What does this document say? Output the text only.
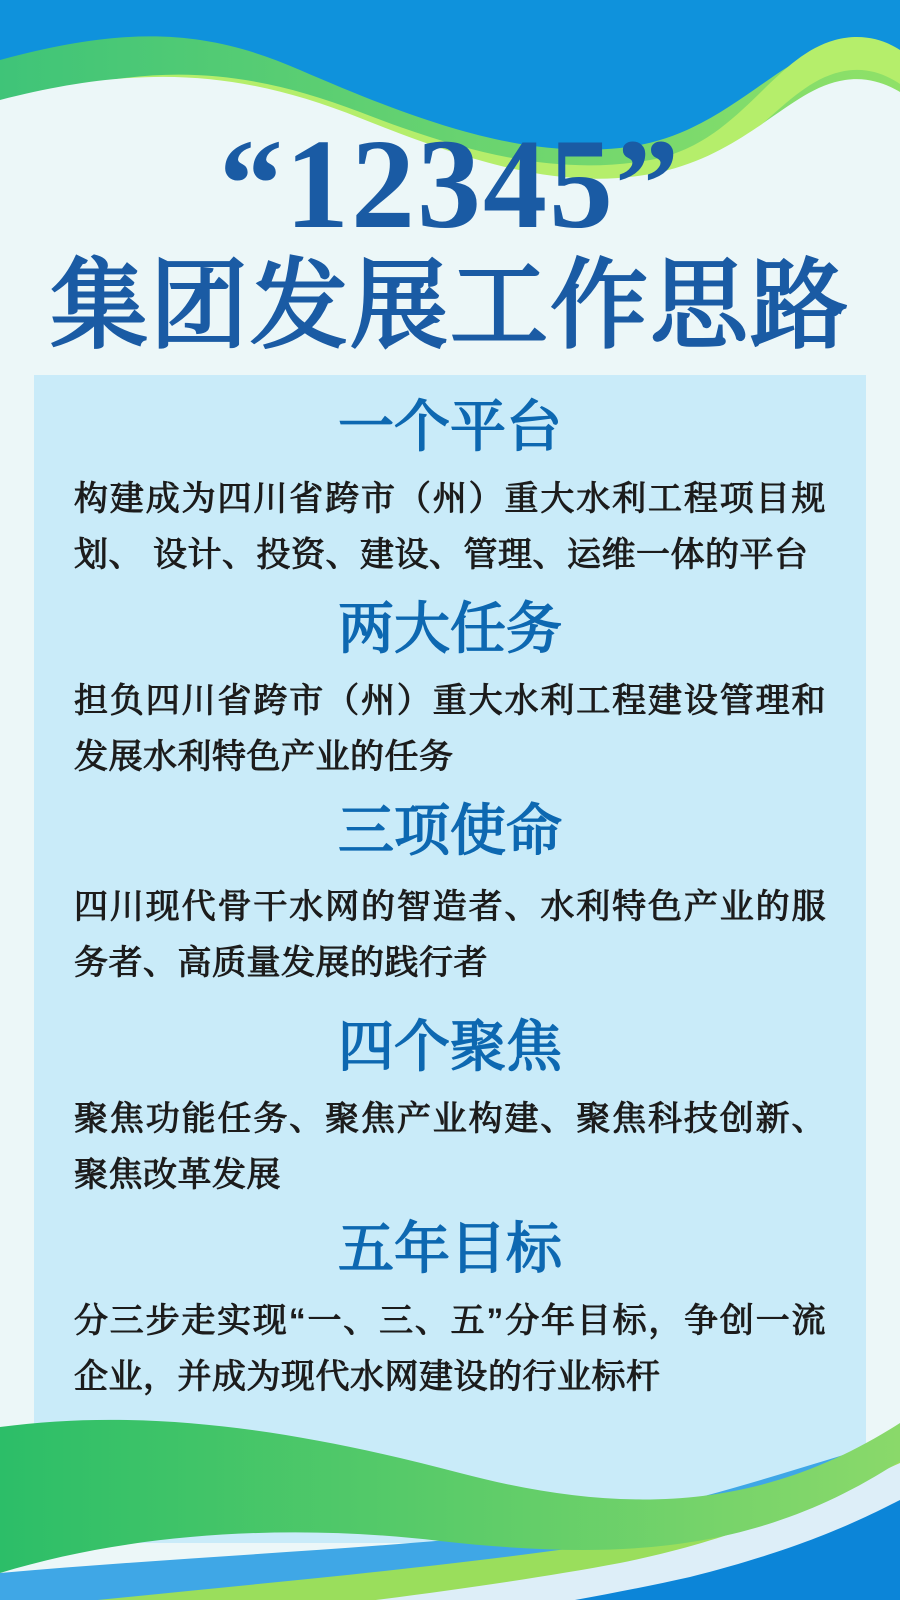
“12345”
集团发展工作思路
一个平台

构建成为四川省跨市（州）重大水利工程项目规划、 设计、投资、建设、管理、运维一体的平台

两大任务

担负四川省跨市（州）重大水利工程建设管理和发展水利特色产业的任务

三项使命

四川现代骨干水网的智造者、水利特色产业的服务者、高质量发展的践行者

四个聚焦

聚焦功能任务、聚焦产业构建、聚焦科技创新、 聚焦改革发展

五年目标

分三步走实现“一、三、五”分年目标，争创一流企业，并成为现代水网建设的行业标杆
